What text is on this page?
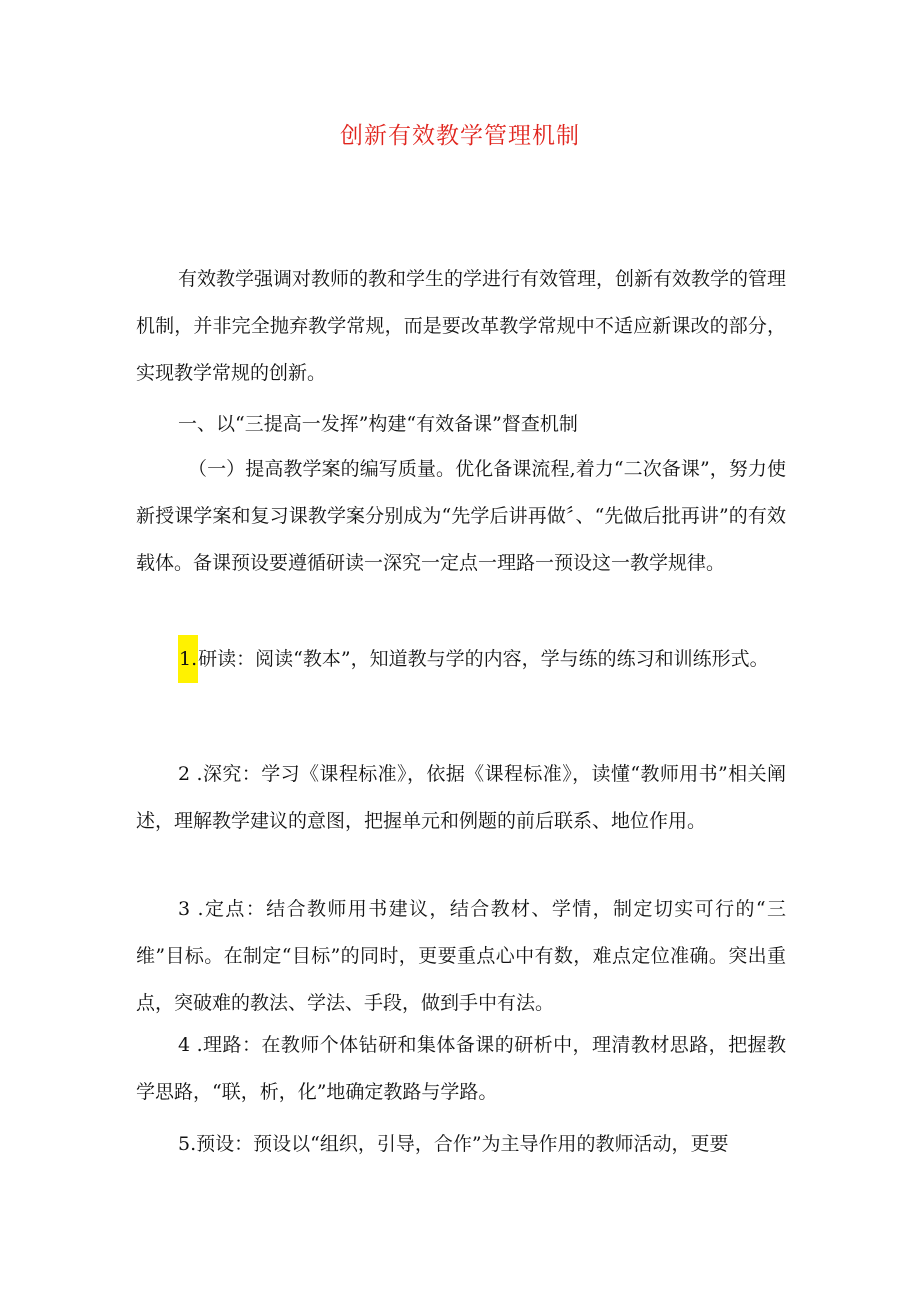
创新有效教学管理机制

有效教学强调对教师的教和学生的学进行有效管理，创新有效教学的管理机制，并非完全抛弃教学常规，而是要改革教学常规中不适应新课改的部分，实现教学常规的创新。

一、以“三提高一发挥”构建“有效备课”督查机制

（一）提高教学案的编写质量。优化备课流程,着力“二次备课”，努力使新授课学案和复习课教学案分别成为“先学后讲再做〞、“先做后批再讲”的有效载体。备课预设要遵循研读一深究一定点一理路一预设这一教学规律。

1.研读：阅读“教本”，知道教与学的内容，学与练的练习和训练形式。

2 .深究：学习《课程标准》，依据《课程标准》，读懂“教师用书”相关阐述，理解教学建议的意图，把握单元和例题的前后联系、地位作用。

3 .定点：结合教师用书建议，结合教材、学情，制定切实可行的“三维”目标。在制定“目标”的同时，更要重点心中有数，难点定位准确。突出重点，突破难的教法、学法、手段，做到手中有法。

4 .理路：在教师个体钻研和集体备课的研析中，理清教材思路，把握教学思路，“联，析，化”地确定教路与学路。

5.预设：预设以“组织，引导，合作”为主导作用的教师活动，更要
